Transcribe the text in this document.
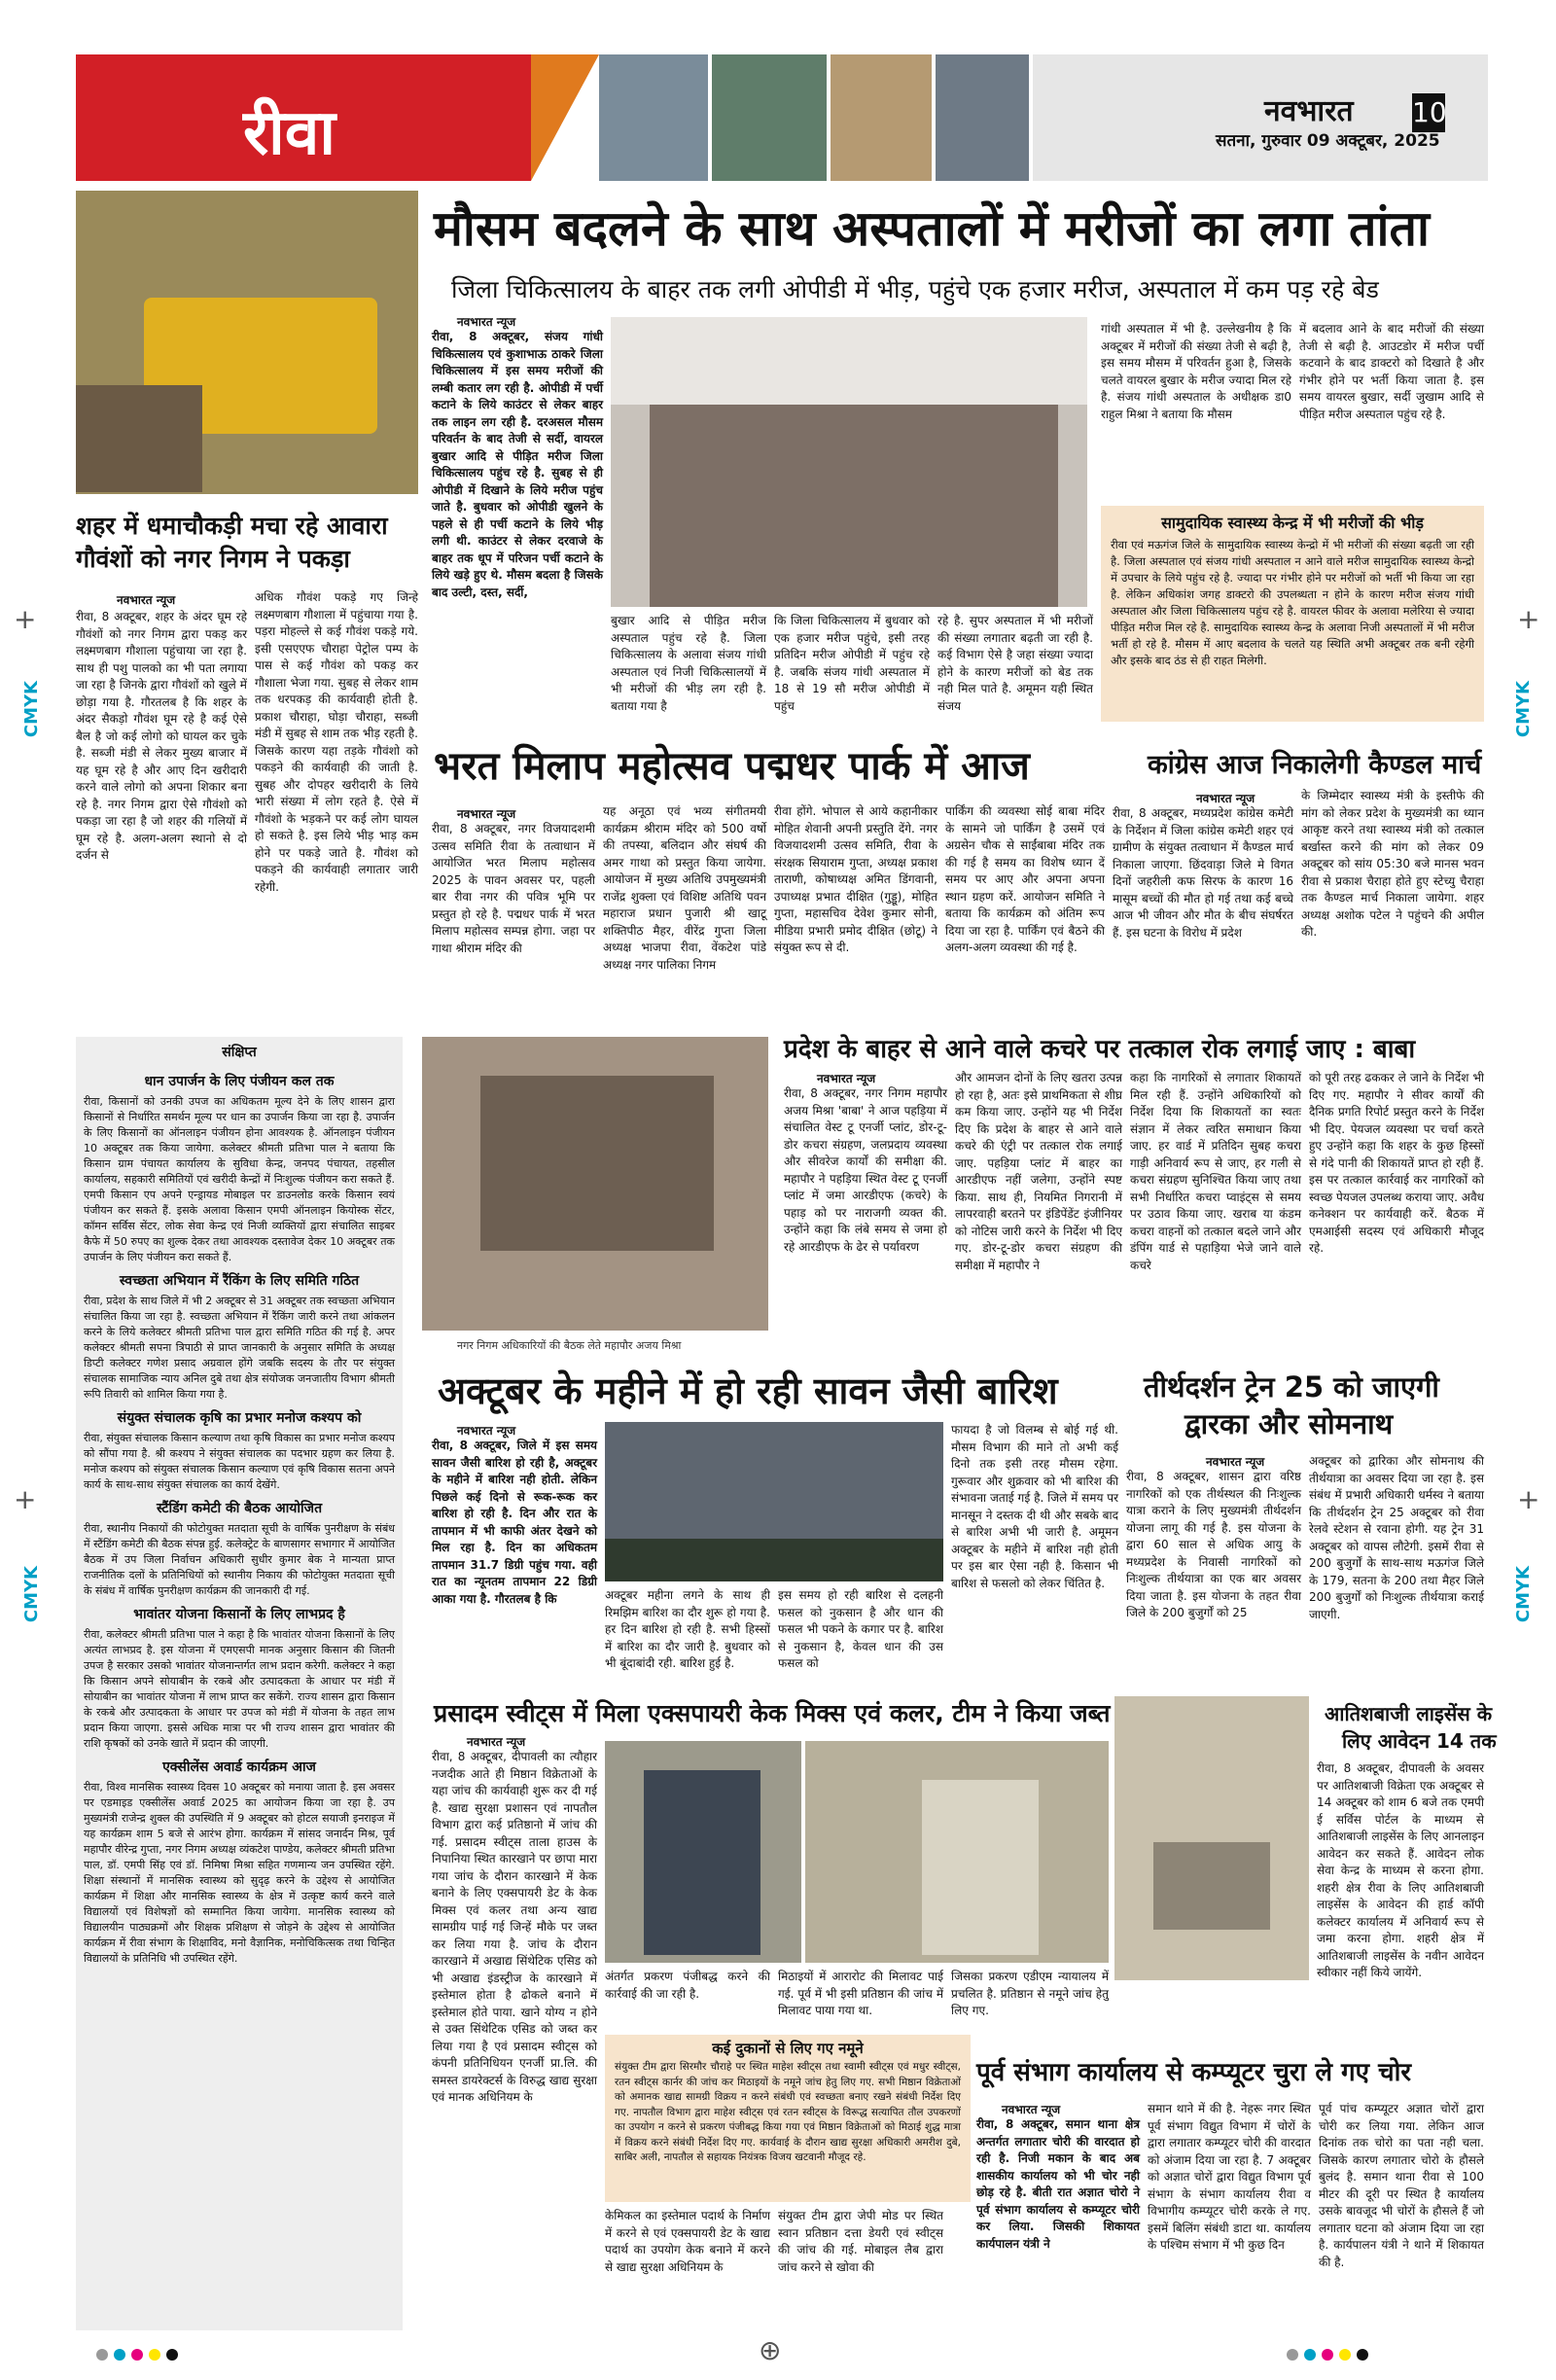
रीवा	नवभारत 10
सतना, गुरुवार 09 अक्टूबर, 2025
CMYK	CMYK
CMYK	CMYK
+	+
+	+
शहर में धमाचौकड़ी मचा रहे आवारा गौवंशों को नगर निगम ने पकड़ा
नवभारत न्यूज
रीवा, 8 अक्टूबर, शहर के अंदर घूम रहे गौवंशों को नगर निगम द्वारा पकड़ कर लक्ष्मणबाग गौशाला पहुंचाया जा रहा है. साथ ही पशु पालको का भी पता लगाया जा रहा है जिनके द्वारा गौवंशों को खुले में छोड़ा गया है. गौरतलब है कि शहर के अंदर सैकड़ो गौवंश घूम रहे है कई ऐसे बैल है जो कई लोगो को घायल कर चुके है. सब्जी मंडी से लेकर मुख्य बाजार में यह घूम रहे है और आए दिन खरीदारी करने वाले लोगो को अपना शिकार बना रहे है. नगर निगम द्वारा ऐसे गौवंशो को पकड़ा जा रहा है जो शहर की गलियों में घूम रहे है. अलग-अलग स्थानो से दो दर्जन से
अधिक गौवंश पकड़े गए जिन्हे लक्ष्मणबाग गौशाला में पहुंचाया गया है. पड़रा मोहल्ले से कई गौवंश पकड़े गये. इसी एसएएफ चौराहा पेट्रोल पम्प के पास से कई गौवंश को पकड़ कर गौशाला भेजा गया. सुबह से लेकर शाम तक धरपकड़ की कार्यवाही होती है. प्रकाश चौराहा, घोड़ा चौराहा, सब्जी मंडी में सुबह से शाम तक भीड़ रहती है. जिसके कारण यहा तड़के गौवंशो को पकड़ने की कार्यवाही की जाती है. सुबह और दोपहर खरीदारी के लिये भारी संख्या में लोग रहते है. ऐसे में गौवंशो के भड़कने पर कई लोग घायल हो सकते है. इस लिये भीड़ भाड़ कम होने पर पकड़े जाते है. गौवंश को पकड़ने की कार्यवाही लगातार जारी रहेगी.
मौसम बदलने के साथ अस्पतालों में मरीजों का लगा तांता
जिला चिकित्सालय के बाहर तक लगी ओपीडी में भीड़, पहुंचे एक हजार मरीज, अस्पताल में कम पड़ रहे बेड
नवभारत न्यूज
रीवा, 8 अक्टूबर, संजय गांधी चिकित्सालय एवं कुशाभाऊ ठाकरे जिला चिकित्सालय में इस समय मरीजों की लम्बी कतार लग रही है. ओपीडी में पर्ची कटाने के लिये काउंटर से लेकर बाहर तक लाइन लग रही है. दरअसल मौसम परिवर्तन के बाद तेजी से सर्दी, वायरल बुखार आदि से पीड़ित मरीज जिला चिकित्सालय पहुंच रहे है. सुबह से ही ओपीडी में दिखाने के लिये मरीज पहुंच जाते है. बुधवार को ओपीडी खुलने के पहले से ही पर्ची कटाने के लिये भीड़ लगी थी. काउंटर से लेकर दरवाजे के बाहर तक धूप में परिजन पर्ची कटाने के लिये खड़े हुए थे. मौसम बदला है जिसके बाद उल्टी, दस्त, सर्दी,
बुखार आदि से पीड़ित मरीज अस्पताल पहुंच रहे है. जिला चिकित्सालय के अलावा संजय गांधी अस्पताल एवं निजी चिकित्सालयों में भी मरीजों की भीड़ लग रही है. बताया गया है
कि जिला चिकित्सालय में बुधवार को एक हजार मरीज पहुंचे, इसी तरह प्रतिदिन मरीज ओपीडी में पहुंच रहे है. जबकि संजय गांधी अस्पताल में 18 से 19 सौ मरीज ओपीडी में पहुंच
रहे है. सुपर अस्पताल में भी मरीजों की संख्या लगातार बढ़ती जा रही है. कई विभाग ऐसे है जहा संख्या ज्यादा होने के कारण मरीजों को बेड तक नही मिल पाते है. अमूमन यही स्थित संजय
गांधी अस्पताल में भी है. उल्लेखनीय है कि अक्टूबर में मरीजों की संख्या तेजी से बढ़ी है, इस समय मौसम में परिवर्तन हुआ है, जिसके चलते वायरल बुखार के मरीज ज्यादा मिल रहे है. संजय गांधी अस्पताल के अधीक्षक डा0 राहुल मिश्रा ने बताया कि मौसम
में बदलाव आने के बाद मरीजों की संख्या तेजी से बढ़ी है. आउटडोर में मरीज पर्ची कटवाने के बाद डाक्टरो को दिखाते है और गंभीर होने पर भर्ती किया जाता है. इस समय वायरल बुखार, सर्दी जुखाम आदि से पीड़ित मरीज अस्पताल पहुंच रहे है.
सामुदायिक स्वास्थ्य केन्द्र में भी मरीजों की भीड़
रीवा एवं मऊगंज जिले के सामुदायिक स्वास्थ्य केन्द्रो में भी मरीजों की संख्या बढ़ती जा रही है. जिला अस्पताल एवं संजय गांधी अस्पताल न आने वाले मरीज सामुदायिक स्वास्थ्य केन्द्रो में उपचार के लिये पहुंच रहे है. ज्यादा पर गंभीर होने पर मरीजों को भर्ती भी किया जा रहा है. लेकिन अधिकांश जगह डाक्टरो की उपलब्धता न होने के कारण मरीज संजय गांधी अस्पताल और जिला चिकित्सालय पहुंच रहे है. वायरल फीवर के अलावा मलेरिया से ज्यादा पीड़ित मरीज मिल रहे है. सामुदायिक स्वास्थ्य केन्द्र के अलावा निजी अस्पतालों में भी मरीज भर्ती हो रहे है. मौसम में आए बदलाव के चलते यह स्थिति अभी अक्टूबर तक बनी रहेगी और इसके बाद ठंड से ही राहत मिलेगी.
भरत मिलाप महोत्सव पद्मधर पार्क में आज
नवभारत न्यूज
रीवा, 8 अक्टूबर, नगर विजयादशमी उत्सव समिति रीवा के तत्वाधान में आयोजित भरत मिलाप महोत्सव 2025 के पावन अवसर पर, पहली बार रीवा नगर की पवित्र भूमि पर प्रस्तुत हो रहे है. पद्मधर पार्क में भरत मिलाप महोत्सव सम्पन्न होगा. जहा पर गाथा श्रीराम मंदिर की
यह अनूठा एवं भव्य संगीतमयी कार्यक्रम श्रीराम मंदिर को 500 वर्षो की तपस्या, बलिदान और संघर्ष की अमर गाथा को प्रस्तुत किया जायेगा. आयोजन में मुख्य अतिथि उपमुख्यमंत्री राजेंद्र शुक्ला एवं विशिष्ट अतिथि पवन महाराज प्रधान पुजारी श्री खाटू शक्तिपीठ मैहर, वीरेंद्र गुप्ता जिला अध्यक्ष भाजपा रीवा, वेंकटेश पांडे अध्यक्ष नगर पालिका निगम
रीवा होंगे. भोपाल से आये कहानीकार मोहित शेवानी अपनी प्रस्तुति देंगे. नगर विजयादशमी उत्सव समिति, रीवा के संरक्षक सियाराम गुप्ता, अध्यक्ष प्रकाश ताराणी, कोषाध्यक्ष अमित डिंगवानी, उपाध्यक्ष प्रभात दीक्षित (गुड्डू), मोहित गुप्ता, महासचिव देवेश कुमार सोनी, मीडिया प्रभारी प्रमोद दीक्षित (छोटू) ने संयुक्त रूप से दी.
पार्किंग की व्यवस्था सोई बाबा मंदिर के सामने जो पार्किंग है उसमें एवं अग्रसेन चौक से साईंबाबा मंदिर तक की गई है समय का विशेष ध्यान दें समय पर आए और अपना अपना स्थान ग्रहण करें. आयोजन समिति ने बताया कि कार्यक्रम को अंतिम रूप दिया जा रहा है. पार्किंग एवं बैठने की अलग-अलग व्यवस्था की गई है.
कांग्रेस आज निकालेगी कैण्डल मार्च
नवभारत न्यूज
रीवा, 8 अक्टूबर, मध्यप्रदेश कांग्रेस कमेटी के निर्देशन में जिला कांग्रेस कमेटी शहर एवं ग्रामीण के संयुक्त तत्वाधान में कैण्डल मार्च निकाला जाएगा. छिंदवाड़ा जिले मे विगत दिनों जहरीली कफ सिरफ के कारण 16 मासूम बच्चों की मौत हो गई तथा कई बच्चे आज भी जीवन और मौत के बीच संघर्षरत हैं. इस घटना के विरोध में प्रदेश
के जिम्मेदार स्वास्थ्य मंत्री के इस्तीफे की मांग को लेकर प्रदेश के मुख्यमंत्री का ध्यान आकृष्ट करने तथा स्वास्थ्य मंत्री को तत्काल बर्खास्त करने की मांग को लेकर 09 अक्टूबर को सांय 05:30 बजे मानस भवन रीवा से प्रकाश चैराहा होते हुए स्टेच्यु चैराहा तक कैण्डल मार्च निकाला जायेगा. शहर अध्यक्ष अशोक पटेल ने पहुंचने की अपील की.
संक्षिप्त
धान उपार्जन के लिए पंजीयन कल तक
रीवा, किसानों को उनकी उपज का अधिकतम मूल्य देने के लिए शासन द्वारा किसानों से निर्धारित समर्थन मूल्य पर धान का उपार्जन किया जा रहा है. उपार्जन के लिए किसानों का ऑनलाइन पंजीयन होना आवश्यक है. ऑनलाइन पंजीयन 10 अक्टूबर तक किया जायेगा. कलेक्टर श्रीमती प्रतिभा पाल ने बताया कि किसान ग्राम पंचायत कार्यालय के सुविधा केन्द्र, जनपद पंचायत, तहसील कार्यालय, सहकारी समितियों एवं खरीदी केन्द्रों में निःशुल्क पंजीयन करा सकते हैं. एमपी किसान एप अपने एन्ड्रायड मोबाइल पर डाउनलोड करके किसान स्वयं पंजीयन कर सकते हैं. इसके अलावा किसान एमपी ऑनलाइन कियोस्क सेंटर, कॉमन सर्विस सेंटर, लोक सेवा केन्द्र एवं निजी व्यक्तियों द्वारा संचालित साइबर कैफे में 50 रुपए का शुल्क देकर तथा आवश्यक दस्तावेज देकर 10 अक्टूबर तक उपार्जन के लिए पंजीयन करा सकते हैं.
स्वच्छता अभियान में रैंकिंग के लिए समिति गठित
रीवा, प्रदेश के साथ जिले में भी 2 अक्टूबर से 31 अक्टूबर तक स्वच्छता अभियान संचालित किया जा रहा है. स्वच्छता अभियान में रैंकिंग जारी करने तथा आंकलन करने के लिये कलेक्टर श्रीमती प्रतिभा पाल द्वारा समिति गठित की गई है. अपर कलेक्टर श्रीमती सपना त्रिपाठी से प्राप्त जानकारी के अनुसार समिति के अध्यक्ष डिप्टी कलेक्टर गणेश प्रसाद अग्रवाल होंगे जबकि सदस्य के तौर पर संयुक्त संचालक सामाजिक न्याय अनिल दुबे तथा क्षेत्र संयोजक जनजातीय विभाग श्रीमती रूपि तिवारी को शामिल किया गया है.
संयुक्त संचालक कृषि का प्रभार मनोज कश्यप को
रीवा, संयुक्त संचालक किसान कल्याण तथा कृषि विकास का प्रभार मनोज कश्यप को सौंपा गया है. श्री कश्यप ने संयुक्त संचालक का पदभार ग्रहण कर लिया है. मनोज कश्यप को संयुक्त संचालक किसान कल्याण एवं कृषि विकास सतना अपने कार्य के साथ-साथ संयुक्त संचालक का कार्य देखेंगे.
स्टैंडिंग कमेटी की बैठक आयोजित
रीवा, स्थानीय निकायों की फोटोयुक्त मतदाता सूची के वार्षिक पुनरीक्षण के संबंध में स्टैंडिंग कमेटी की बैठक संपन्न हुई. कलेक्ट्रेट के बाणसागर सभागार में आयोजित बैठक में उप जिला निर्वाचन अधिकारी सुधीर कुमार बेक ने मान्यता प्राप्त राजनीतिक दलों के प्रतिनिधियों को स्थानीय निकाय की फोटोयुक्त मतदाता सूची के संबंध में वार्षिक पुनरीक्षण कार्यक्रम की जानकारी दी गई.
भावांतर योजना किसानों के लिए लाभप्रद है
रीवा, कलेक्टर श्रीमती प्रतिभा पाल ने कहा है कि भावांतर योजना किसानों के लिए अत्यंत लाभप्रद है. इस योजना में एमएसपी मानक अनुसार किसान की जितनी उपज है सरकार उसको भावांतर योजनान्तर्गत लाभ प्रदान करेगी. कलेक्टर ने कहा कि किसान अपने सोयाबीन के रकबे और उत्पादकता के आधार पर मंडी में सोयाबीन का भावांतर योजना में लाभ प्राप्त कर सकेंगे. राज्य शासन द्वारा किसान के रकबे और उत्पादकता के आधार पर उपज को मंडी में योजना के तहत लाभ प्रदान किया जाएगा. इससे अधिक मात्रा पर भी राज्य शासन द्वारा भावांतर की राशि कृषकों को उनके खाते में प्रदान की जाएगी.
एक्सीलेंस अवार्ड कार्यक्रम आज
रीवा, विश्व मानसिक स्वास्थ्य दिवस 10 अक्टूबर को मनाया जाता है. इस अवसर पर एडमाइड एक्सीलेंस अवार्ड 2025 का आयोजन किया जा रहा है. उप मुख्यमंत्री राजेन्द्र शुक्ल की उपस्थिति में 9 अक्टूबर को होटल सयाजी इनराइज में यह कार्यक्रम शाम 5 बजे से आरंभ होगा. कार्यक्रम में सांसद जनार्दन मिश्र, पूर्व महापौर वीरेन्द्र गुप्ता, नगर निगम अध्यक्ष व्यंकटेश पाण्डेय, कलेक्टर श्रीमती प्रतिभा पाल, डॉ. एमपी सिंह एवं डॉ. निमिषा मिश्रा सहित गणमान्य जन उपस्थित रहेंगे. शिक्षा संस्थानों में मानसिक स्वास्थ्य को सुदृढ़ करने के उद्देश्य से आयोजित कार्यक्रम में शिक्षा और मानसिक स्वास्थ्य के क्षेत्र में उत्कृष्ट कार्य करने वाले विद्यालयों एवं विशेषज्ञों को सम्मानित किया जायेगा. मानसिक स्वास्थ्य को विद्यालयीन पाठ्यक्रमों और शिक्षक प्रशिक्षण से जोड़ने के उद्देश्य से आयोजित कार्यक्रम में रीवा संभाग के शिक्षाविद, मनो वैज्ञानिक, मनोचिकित्सक तथा चिन्हित विद्यालयों के प्रतिनिधि भी उपस्थित रहेंगे.
प्रदेश के बाहर से आने वाले कचरे पर तत्काल रोक लगाई जाए : बाबा
नगर निगम अधिकारियों की बैठक लेते महापौर अजय मिश्रा
नवभारत न्यूज
रीवा, 8 अक्टूबर, नगर निगम महापौर अजय मिश्रा 'बाबा' ने आज पहड़िया में संचालित वेस्ट टू एनर्जी प्लांट, डोर-टू-डोर कचरा संग्रहण, जलप्रदाय व्यवस्था और सीवरेज कार्यों की समीक्षा की. महापौर ने पहड़िया स्थित वेस्ट टू एनर्जी प्लांट में जमा आरडीएफ (कचरे) के पहाड़ को पर नाराजगी व्यक्त की. उन्होंने कहा कि लंबे समय से जमा हो रहे आरडीएफ के ढेर से पर्यावरण
और आमजन दोनों के लिए खतरा उत्पन्न हो रहा है, अतः इसे प्राथमिकता से शीघ्र कम किया जाए. उन्होंने यह भी निर्देश दिए कि प्रदेश के बाहर से आने वाले कचरे की एंट्री पर तत्काल रोक लगाई जाए. पहड़िया प्लांट में बाहर का आरडीएफ नहीं जलेगा, उन्होंने स्पष्ट किया. साथ ही, नियमित निगरानी में लापरवाही बरतने पर इंडिपेंडेंट इंजीनियर को नोटिस जारी करने के निर्देश भी दिए गए. डोर-टू-डोर कचरा संग्रहण की समीक्षा में महापौर ने
कहा कि नागरिकों से लगातार शिकायतें मिल रही हैं. उन्होंने अधिकारियों को निर्देश दिया कि शिकायतों का स्वतः संज्ञान में लेकर त्वरित समाधान किया जाए. हर वार्ड में प्रतिदिन सुबह कचरा गाड़ी अनिवार्य रूप से जाए, हर गली से कचरा संग्रहण सुनिश्चित किया जाए तथा सभी निर्धारित कचरा प्वाइंट्स से समय पर उठाव किया जाए. खराब या कंडम कचरा वाहनों को तत्काल बदले जाने और डंपिंग यार्ड से पहाड़िया भेजे जाने वाले कचरे
को पूरी तरह ढककर ले जाने के निर्देश भी दिए गए. महापौर ने सीवर कार्यों की दैनिक प्रगति रिपोर्ट प्रस्तुत करने के निर्देश भी दिए. पेयजल व्यवस्था पर चर्चा करते हुए उन्होंने कहा कि शहर के कुछ हिस्सों से गंदे पानी की शिकायतें प्राप्त हो रही हैं. इस पर तत्काल कार्रवाई कर नागरिकों को स्वच्छ पेयजल उपलब्ध कराया जाए. अवैध कनेक्शन पर कार्यवाही करें. बैठक में एमआईसी सदस्य एवं अधिकारी मौजूद रहे.
अक्टूबर के महीने में हो रही सावन जैसी बारिश
नवभारत न्यूज
रीवा, 8 अक्टूबर, जिले में इस समय सावन जैसी बारिश हो रही है, अक्टूबर के महीने में बारिश नही होती. लेकिन पिछले कई दिनो से रूक-रूक कर बारिश हो रही है. दिन और रात के तापमान में भी काफी अंतर देखने को मिल रहा है. दिन का अधिकतम तापमान 31.7 डिग्री पहुंच गया. वही रात का न्यूनतम तापमान 22 डिग्री आका गया है. गौरतलब है कि	अक्टूबर महीना लगने के साथ ही रिमझिम बारिश का दौर शुरू हो गया है. हर दिन बारिश हो रही है. सभी हिस्सों में बारिश का दौर जारी है. बुधवार को भी बूंदाबांदी रही. बारिश हुई है.
इस समय हो रही बारिश से दलहनी फसल को नुकसान है और धान की फसल भी पकने के कगार पर है. बारिश से नुकसान है, केवल धान की उस फसल को
फायदा है जो विलम्ब से बोई गई थी. मौसम विभाग की माने तो अभी कई दिनो तक इसी तरह मौसम रहेगा. गुरूवार और शुक्रवार को भी बारिश की संभावना जताई गई है. जिले में समय पर मानसून ने दस्तक दी थी और सबके बाद से बारिश अभी भी जारी है. अमूमन अक्टूबर के महीने में बारिश नही होती पर इस बार ऐसा नही है. किसान भी बारिश से फसलो को लेकर चिंतित है.
तीर्थदर्शन ट्रेन 25 को जाएगी
द्वारका और सोमनाथ
नवभारत न्यूज
रीवा, 8 अक्टूबर, शासन द्वारा वरिष्ठ नागरिकों को एक तीर्थस्थल की निःशुल्क यात्रा कराने के लिए मुख्यमंत्री तीर्थदर्शन योजना लागू की गई है. इस योजना के द्वारा 60 साल से अधिक आयु के मध्यप्रदेश के निवासी नागरिकों को निःशुल्क तीर्थयात्रा का एक बार अवसर दिया जाता है. इस योजना के तहत रीवा जिले के 200 बुजुर्गों को 25
अक्टूबर को द्वारिका और सोमनाथ की तीर्थयात्रा का अवसर दिया जा रहा है. इस संबंध में प्रभारी अधिकारी धर्मस्व ने बताया कि तीर्थदर्शन ट्रेन 25 अक्टूबर को रीवा रेलवे स्टेशन से रवाना होगी. यह ट्रेन 31 अक्टूबर को वापस लौटेगी. इसमें रीवा से 200 बुजुर्गों के साथ-साथ मऊगंज जिले के 179, सतना के 200 तथा मैहर जिले 200 बुजुर्गों को निःशुल्क तीर्थयात्रा कराई जाएगी.
प्रसादम स्वीट्स में मिला एक्सपायरी केक मिक्स एवं कलर, टीम ने किया जब्त
नवभारत न्यूज
रीवा, 8 अक्टूबर, दीपावली का त्यौहार नजदीक आते ही मिष्ठान विक्रेताओं के यहा जांच की कार्यवाही शुरू कर दी गई है. खाद्य सुरक्षा प्रशासन एवं नापतौल विभाग द्वारा कई प्रतिष्ठानो में जांच की गई. प्रसादम स्वीट्स ताला हाउस के निपानिया स्थित कारखाने पर छापा मारा गया जांच के दौरान कारखाने में केक बनाने के लिए एक्सपायरी डेट के केक मिक्स एवं कलर तथा अन्य खाद्य सामग्रीय पाई गई जिन्हें मौके पर जब्त कर लिया गया है. जांच के दौरान कारखाने में अखाद्य सिंथेटिक एसिड को भी अखाद्य इंडस्ट्रीज के कारखाने में इस्तेमाल होता है ढोकले बनाने में इस्तेमाल होते पाया. खाने योग्य न होने से उक्त सिंथेटिक एसिड को जब्त कर लिया गया है एवं प्रसादम स्वीट्स को कंपनी प्रतिनिधियन एनर्जी प्रा.लि. की समस्त डायरेक्टर्स के विरुद्ध खाद्य सुरक्षा एवं मानक अधिनियम के
अंतर्गत प्रकरण पंजीबद्ध करने की कार्रवाई की जा रही है.
मिठाइयों में आरारोट की मिलावट पाई गई. पूर्व में भी इसी प्रतिष्ठान की जांच में मिलावट पाया गया था.
जिसका प्रकरण एडीएम न्यायालय में प्रचलित है. प्रतिष्ठान से नमूने जांच हेतु लिए गए.
कई दुकानों से लिए गए नमूने
संयुक्त टीम द्वारा सिरमौर चौराहे पर स्थित माहेश स्वीट्स तथा स्वामी स्वीट्स एवं मधुर स्वीट्स, रतन स्वीट्स कार्नर की जांच कर मिठाइयों के नमूने जांच हेतु लिए गए. सभी मिष्ठान विक्रेताओं को अमानक खाद्य सामग्री विक्रय न करने संबंधी एवं स्वच्छता बनाए रखने संबंधी निर्देश दिए गए. नापतौल विभाग द्वारा माहेश स्वीट्स एवं रतन स्वीट्स के विरूद्ध सत्यापित तौल उपकरणों का उपयोग न करने से प्रकरण पंजीबद्ध किया गया एवं मिष्ठान विक्रेताओं को मिठाई शुद्ध मात्रा में विक्रय करने संबंधी निर्देश दिए गए. कार्यवाई के दौरान खाद्य सुरक्षा अधिकारी अमरीश दुबे, साबिर अली, नापतौल से सहायक नियंत्रक विजय खटवानी मौजूद रहे.
केमिकल का इस्तेमाल पदार्थ के निर्माण में करने से एवं एक्सपायरी डेट के खाद्य पदार्थ का उपयोग केक बनाने में करने से खाद्य सुरक्षा अधिनियम के
संयुक्त टीम द्वारा जेपी मोड पर स्थित स्वान प्रतिष्ठान दत्ता डेयरी एवं स्वीट्स की जांच की गई. मोबाइल लैब द्वारा जांच करने से खोवा की
आतिशबाजी लाइसेंस के
लिए आवेदन 14 तक
रीवा, 8 अक्टूबर, दीपावली के अवसर पर आतिशबाजी विक्रेता एक अक्टूबर से 14 अक्टूबर को शाम 6 बजे तक एमपी ई सर्विस पोर्टल के माध्यम से आतिशबाजी लाइसेंस के लिए आनलाइन आवेदन कर सकते हैं. आवेदन लोक सेवा केन्द्र के माध्यम से करना होगा. शहरी क्षेत्र रीवा के लिए आतिशबाजी लाइसेंस के आवेदन की हार्ड कॉपी कलेक्टर कार्यालय में अनिवार्य रूप से जमा करना होगा. शहरी क्षेत्र में आतिशबाजी लाइसेंस के नवीन आवेदन स्वीकार नहीं किये जायेंगे.
पूर्व संभाग कार्यालय से कम्प्यूटर चुरा ले गए चोर
नवभारत न्यूज
रीवा, 8 अक्टूबर, समान थाना क्षेत्र अन्तर्गत लगातार चोरी की वारदात हो रही है. निजी मकान के बाद अब शासकीय कार्यालय को भी चोर नही छोड़ रहे है. बीती रात अज्ञात चोरो ने पूर्व संभाग कार्यालय से कम्प्यूटर चोरी कर लिया. जिसकी शिकायत कार्यपालन यंत्री ने
समान थाने में की है. नेहरू नगर स्थित पूर्व संभाग विद्युत विभाग में चोरों के द्वारा लगातार कम्प्यूटर चोरी की वारदात को अंजाम दिया जा रहा है. 7 अक्टूबर को अज्ञात चोरों द्वारा विद्युत विभाग पूर्व संभाग के संभाग कार्यालय रीवा व विभागीय कम्प्यूटर चोरी करके ले गए. इसमें बिलिंग संबंधी डाटा था. कार्यालय के पश्चिम संभाग में भी कुछ दिन
पूर्व पांच कम्प्यूटर अज्ञात चोरों द्वारा चोरी कर लिया गया. लेकिन आज दिनांक तक चोरो का पता नही चला. जिसके कारण लगातार चोरो के हौसले बुलंद है. समान थाना रीवा से 100 मीटर की दूरी पर स्थित है कार्यालय उसके बावजूद भी चोरों के हौसले हैं जो लगातार घटना को अंजाम दिया जा रहा है. कार्यपालन यंत्री ने थाने में शिकायत की है.
⊕
